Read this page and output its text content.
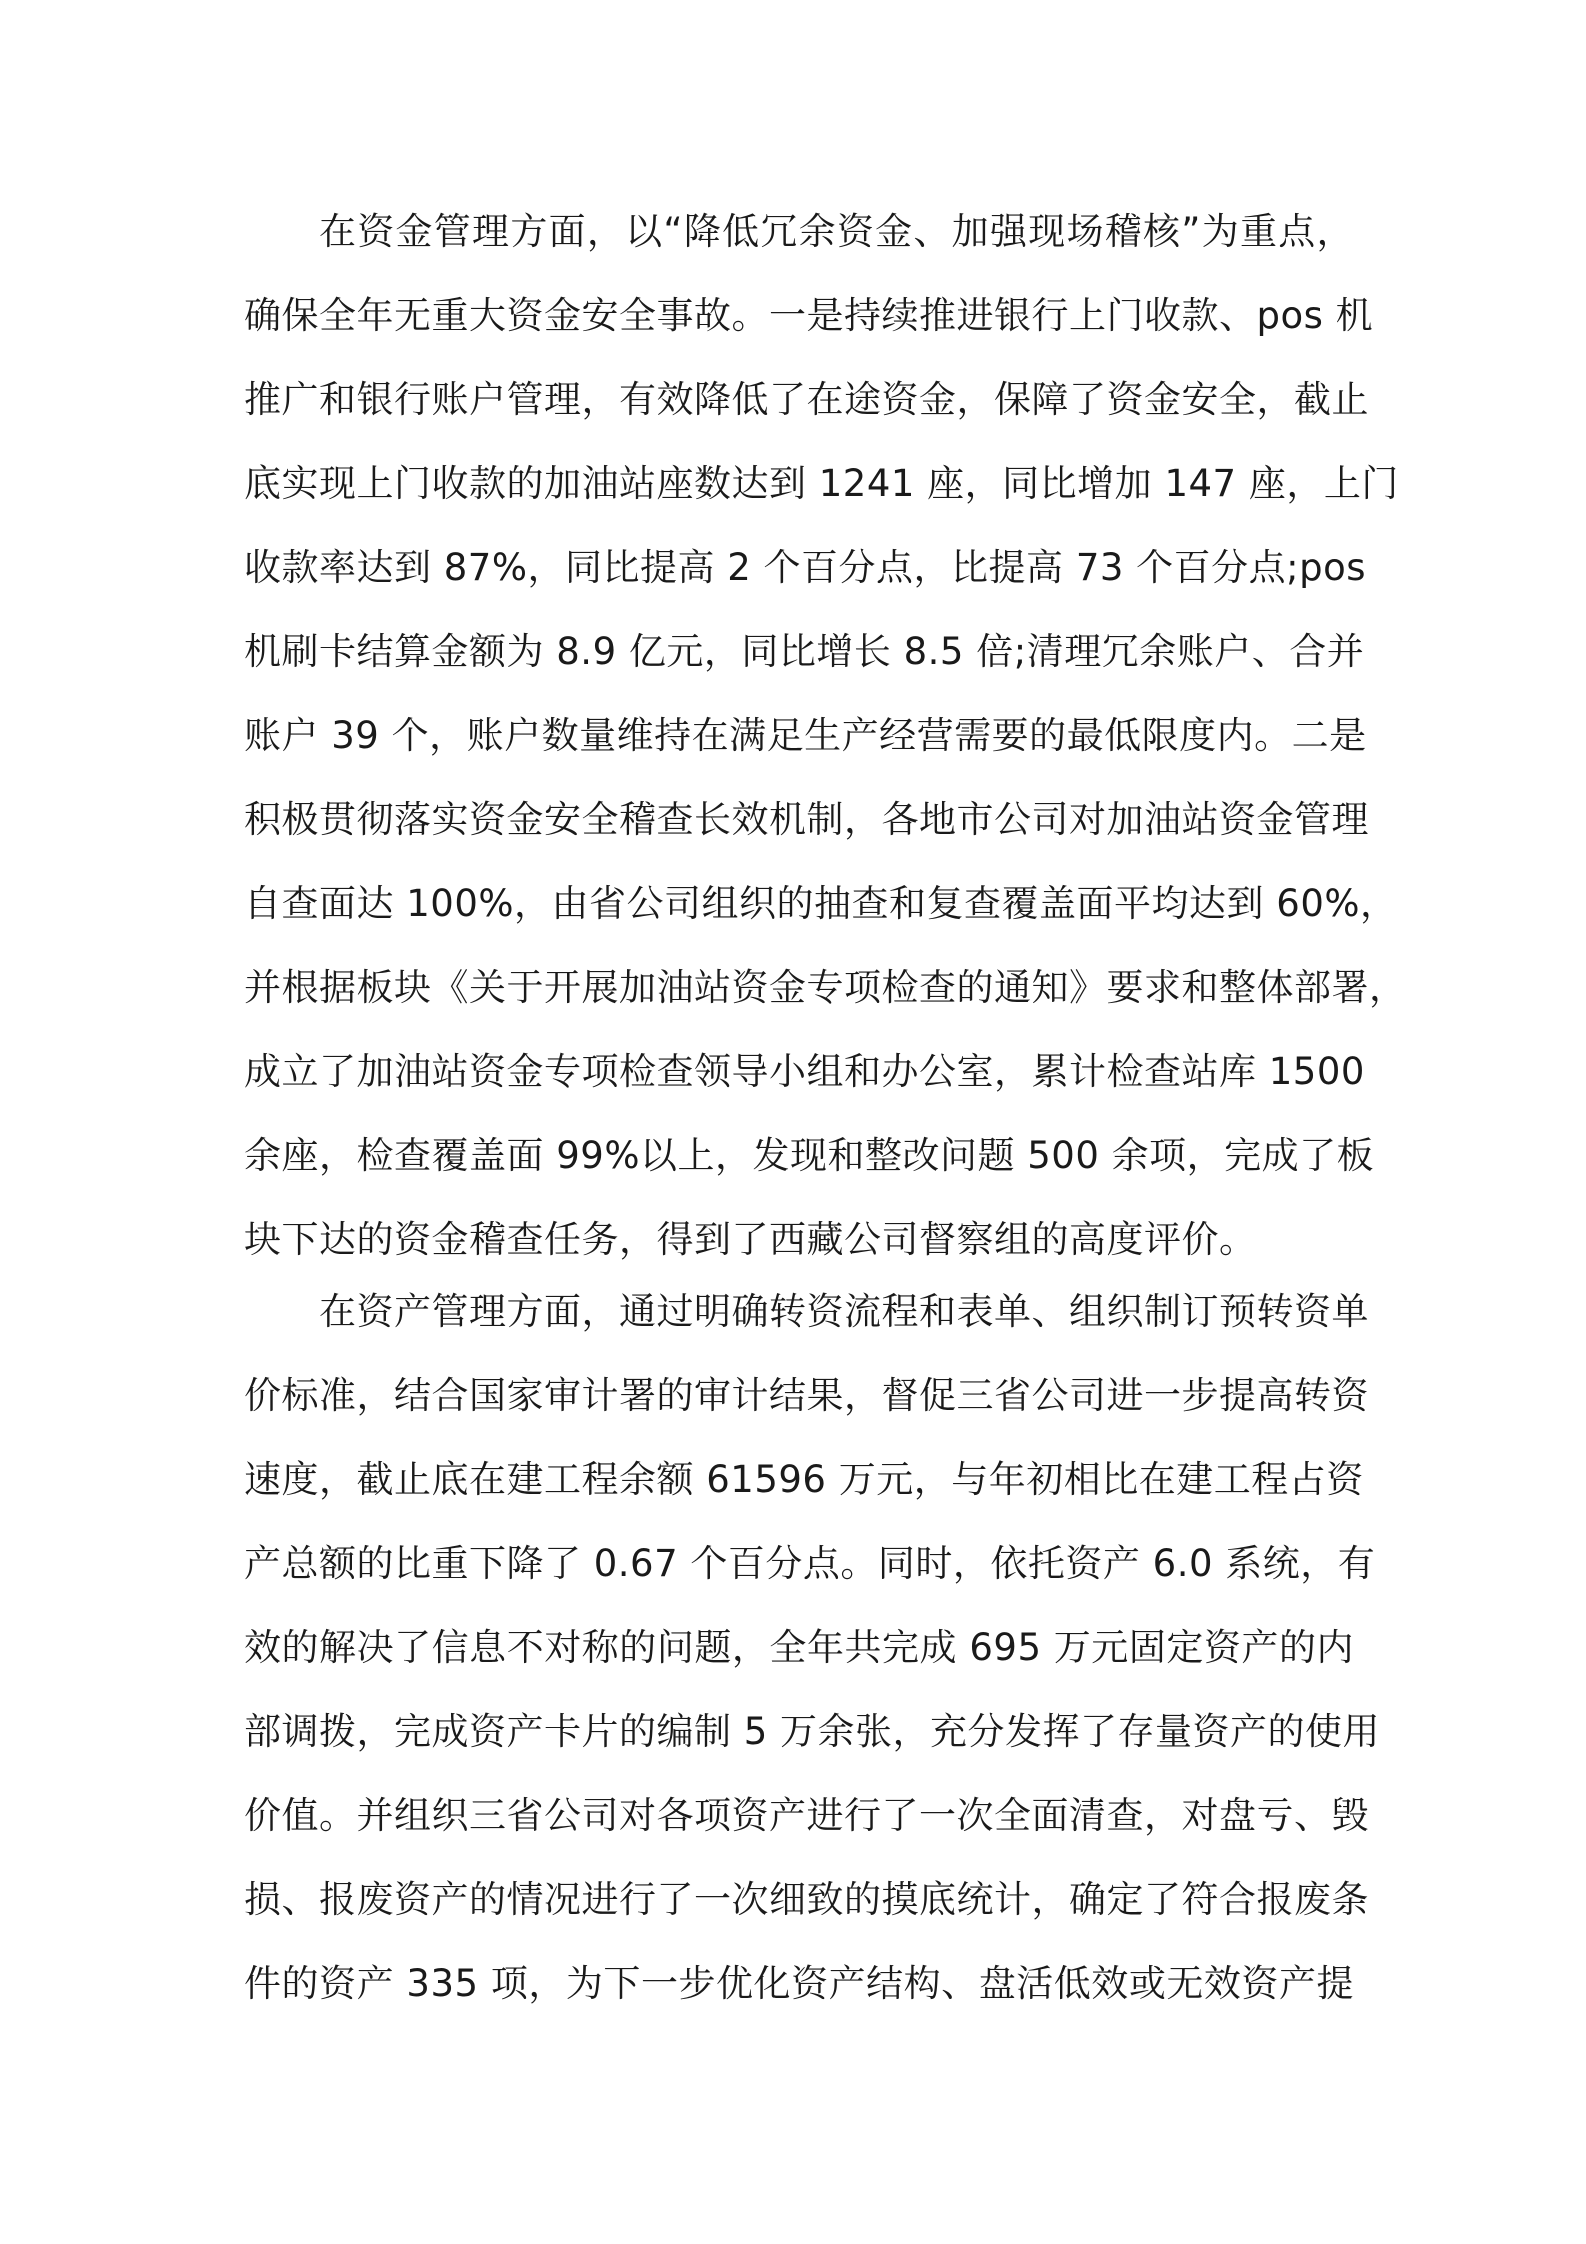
在资金管理方面，以“降低冗余资金、加强现场稽核”为重点，
确保全年无重大资金安全事故。一是持续推进银行上门收款、pos 机
推广和银行账户管理，有效降低了在途资金，保障了资金安全，截止
底实现上门收款的加油站座数达到 1241 座，同比增加 147 座，上门
收款率达到 87%，同比提高 2 个百分点，比提高 73 个百分点;pos
机刷卡结算金额为 8.9 亿元，同比增长 8.5 倍;清理冗余账户、合并
账户 39 个，账户数量维持在满足生产经营需要的最低限度内。二是
积极贯彻落实资金安全稽查长效机制，各地市公司对加油站资金管理
自查面达 100%，由省公司组织的抽查和复查覆盖面平均达到 60%，
并根据板块《关于开展加油站资金专项检查的通知》要求和整体部署，
成立了加油站资金专项检查领导小组和办公室，累计检查站库 1500
余座，检查覆盖面 99%以上，发现和整改问题 500 余项，完成了板
块下达的资金稽查任务，得到了西藏公司督察组的高度评价。
在资产管理方面，通过明确转资流程和表单、组织制订预转资单
价标准，结合国家审计署的审计结果，督促三省公司进一步提高转资
速度，截止底在建工程余额 61596 万元，与年初相比在建工程占资
产总额的比重下降了 0.67 个百分点。同时，依托资产 6.0 系统，有
效的解决了信息不对称的问题，全年共完成 695 万元固定资产的内
部调拨，完成资产卡片的编制 5 万余张，充分发挥了存量资产的使用
价值。并组织三省公司对各项资产进行了一次全面清查，对盘亏、毁
损、报废资产的情况进行了一次细致的摸底统计，确定了符合报废条
件的资产 335 项，为下一步优化资产结构、盘活低效或无效资产提
